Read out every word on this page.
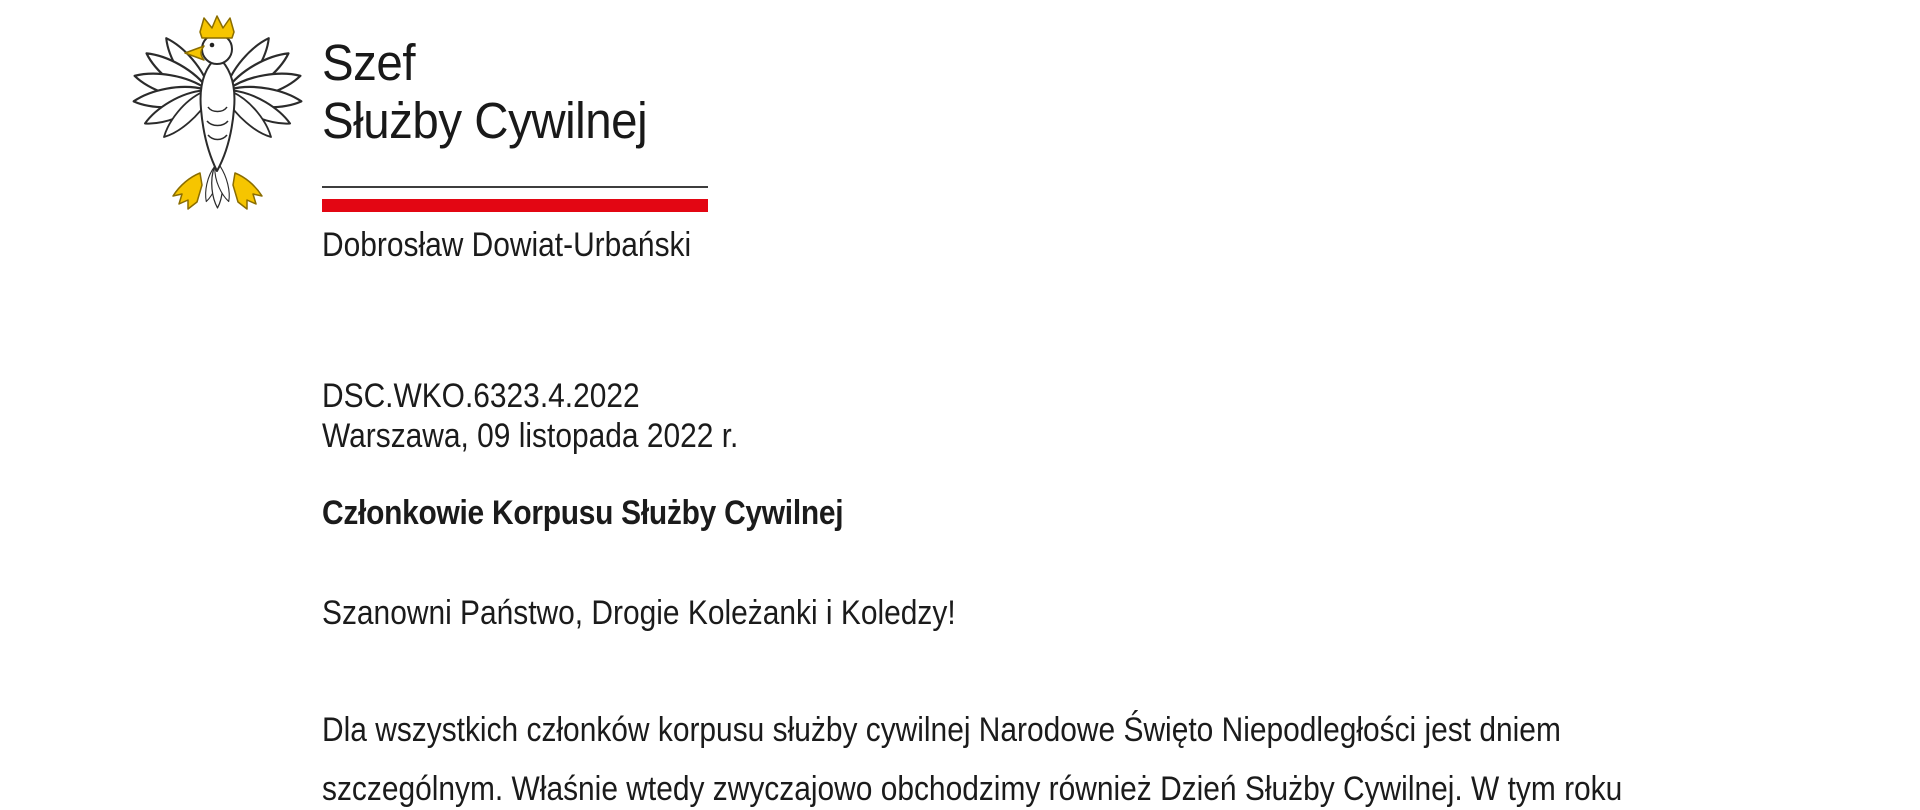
Szef
Służby Cywilnej
Dobrosław Dowiat-Urbański
DSC.WKO.6323.4.2022
Warszawa, 09 listopada 2022 r.
Członkowie Korpusu Służby Cywilnej
Szanowni Państwo, Drogie Koleżanki i Koledzy!
Dla wszystkich członków korpusu służby cywilnej Narodowe Święto Niepodległości jest dniem
szczególnym. Właśnie wtedy zwyczajowo obchodzimy również Dzień Służby Cywilnej. W tym roku
